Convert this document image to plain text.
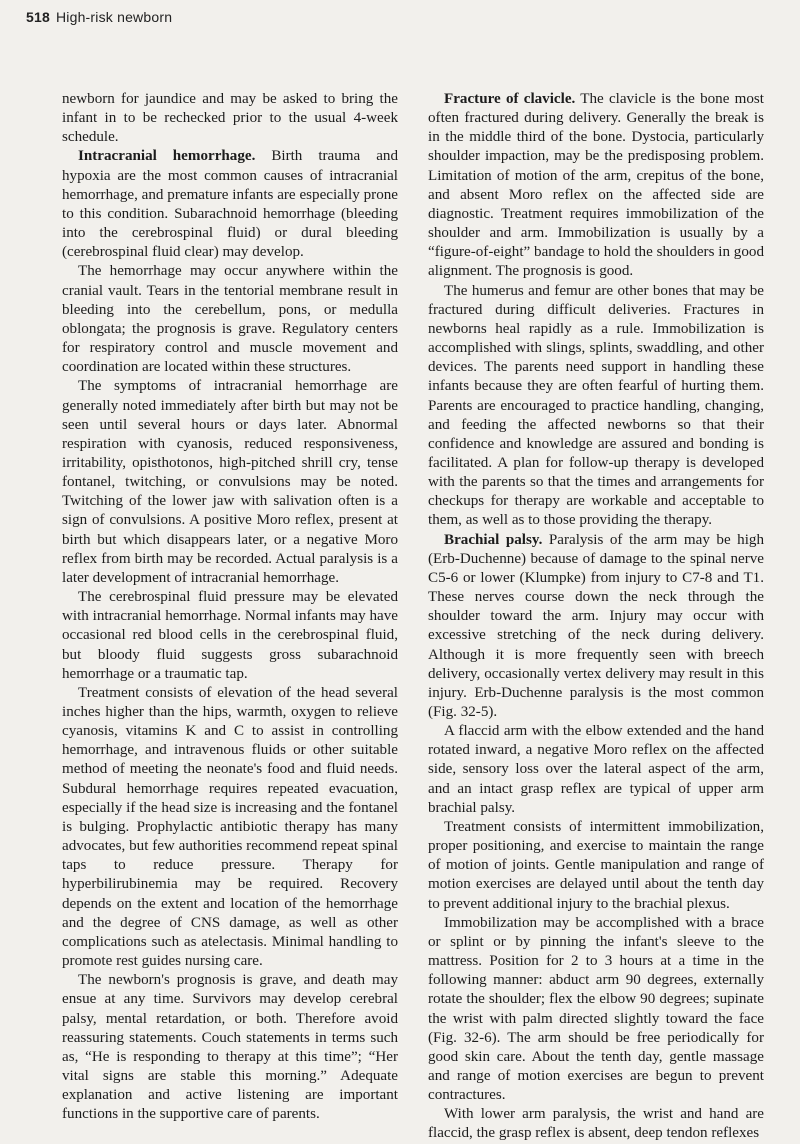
518 High-risk newborn

newborn for jaundice and may be asked to bring the infant in to be rechecked prior to the usual 4-week schedule.

Intracranial hemorrhage. Birth trauma and hypoxia are the most common causes of intracranial hemorrhage, and premature infants are especially prone to this condition. Subarachnoid hemorrhage (bleeding into the cerebrospinal fluid) or dural bleeding (cerebrospinal fluid clear) may develop.

The hemorrhage may occur anywhere within the cranial vault. Tears in the tentorial membrane result in bleeding into the cerebellum, pons, or medulla oblongata; the prognosis is grave. Regulatory centers for respiratory control and muscle movement and coordination are located within these structures.

The symptoms of intracranial hemorrhage are generally noted immediately after birth but may not be seen until several hours or days later. Abnormal respiration with cyanosis, reduced responsiveness, irritability, opisthotonos, high-pitched shrill cry, tense fontanel, twitching, or convulsions may be noted. Twitching of the lower jaw with salivation often is a sign of convulsions. A positive Moro reflex, present at birth but which disappears later, or a negative Moro reflex from birth may be recorded. Actual paralysis is a later development of intracranial hemorrhage.

The cerebrospinal fluid pressure may be elevated with intracranial hemorrhage. Normal infants may have occasional red blood cells in the cerebrospinal fluid, but bloody fluid suggests gross subarachnoid hemorrhage or a traumatic tap.

Treatment consists of elevation of the head several inches higher than the hips, warmth, oxygen to relieve cyanosis, vitamins K and C to assist in controlling hemorrhage, and intravenous fluids or other suitable method of meeting the neonate's food and fluid needs. Subdural hemorrhage requires repeated evacuation, especially if the head size is increasing and the fontanel is bulging. Prophylactic antibiotic therapy has many advocates, but few authorities recommend repeat spinal taps to reduce pressure. Therapy for hyperbilirubinemia may be required. Recovery depends on the extent and location of the hemorrhage and the degree of CNS damage, as well as other complications such as atelectasis. Minimal handling to promote rest guides nursing care.

The newborn's prognosis is grave, and death may ensue at any time. Survivors may develop cerebral palsy, mental retardation, or both. Therefore avoid reassuring statements. Couch statements in terms such as, “He is responding to therapy at this time”; “Her vital signs are stable this morning.” Adequate explanation and active listening are important functions in the supportive care of parents.

Fracture of clavicle. The clavicle is the bone most often fractured during delivery. Generally the break is in the middle third of the bone. Dystocia, particularly shoulder impaction, may be the predisposing problem. Limitation of motion of the arm, crepitus of the bone, and absent Moro reflex on the affected side are diagnostic. Treatment requires immobilization of the shoulder and arm. Immobilization is usually by a “figure-of-eight” bandage to hold the shoulders in good alignment. The prognosis is good.

The humerus and femur are other bones that may be fractured during difficult deliveries. Fractures in newborns heal rapidly as a rule. Immobilization is accomplished with slings, splints, swaddling, and other devices. The parents need support in handling these infants because they are often fearful of hurting them. Parents are encouraged to practice handling, changing, and feeding the affected newborns so that their confidence and knowledge are assured and bonding is facilitated. A plan for follow-up therapy is developed with the parents so that the times and arrangements for checkups for therapy are workable and acceptable to them, as well as to those providing the therapy.

Brachial palsy. Paralysis of the arm may be high (Erb-Duchenne) because of damage to the spinal nerve C5-6 or lower (Klumpke) from injury to C7-8 and T1. These nerves course down the neck through the shoulder toward the arm. Injury may occur with excessive stretching of the neck during delivery. Although it is more frequently seen with breech delivery, occasionally vertex delivery may result in this injury. Erb-Duchenne paralysis is the most common (Fig. 32-5).

A flaccid arm with the elbow extended and the hand rotated inward, a negative Moro reflex on the affected side, sensory loss over the lateral aspect of the arm, and an intact grasp reflex are typical of upper arm brachial palsy.

Treatment consists of intermittent immobilization, proper positioning, and exercise to maintain the range of motion of joints. Gentle manipulation and range of motion exercises are delayed until about the tenth day to prevent additional injury to the brachial plexus.

Immobilization may be accomplished with a brace or splint or by pinning the infant's sleeve to the mattress. Position for 2 to 3 hours at a time in the following manner: abduct arm 90 degrees, externally rotate the shoulder; flex the elbow 90 degrees; supinate the wrist with palm directed slightly toward the face (Fig. 32-6). The arm should be free periodically for good skin care. About the tenth day, gentle massage and range of motion exercises are begun to prevent contractures.

With lower arm paralysis, the wrist and hand are flaccid, the grasp reflex is absent, deep tendon reflexes
